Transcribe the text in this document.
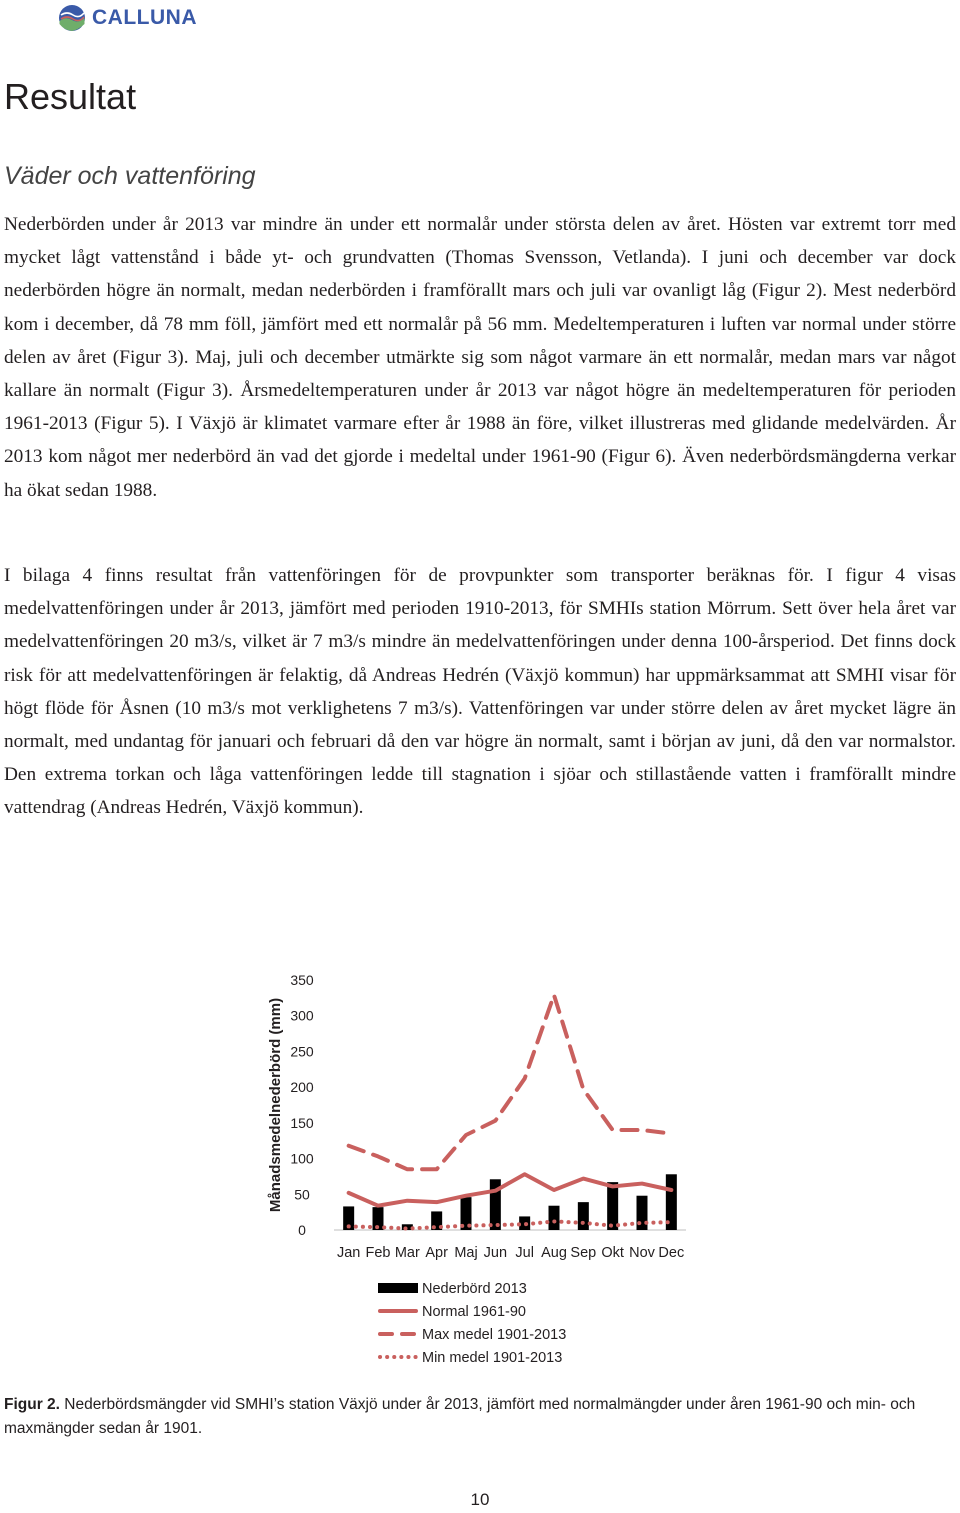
CALLUNA
Resultat
Väder och vattenföring

Nederbörden under år 2013 var mindre än under ett normalår under största delen av året. Hösten var extremt torr med mycket lågt vattenstånd i både yt- och grundvatten (Thomas Svensson, Vetlanda). I juni och december var dock nederbörden högre än normalt, medan nederbörden i framförallt mars och juli var ovanligt låg (Figur 2). Mest nederbörd kom i december, då 78 mm föll, jämfört med ett normalår på 56 mm. Medeltemperaturen i luften var normal under större delen av året (Figur 3). Maj, juli och december utmärkte sig som något varmare än ett normalår, medan mars var något kallare än normalt (Figur 3). Årsmedeltemperaturen under år 2013 var något högre än medeltemperaturen för perioden 1961-2013 (Figur 5). I Växjö är klimatet varmare efter år 1988 än före, vilket illustreras med glidande medelvärden. År 2013 kom något mer nederbörd än vad det gjorde i medeltal under 1961-90 (Figur 6). Även nederbördsmängderna verkar ha ökat sedan 1988.

I bilaga 4 finns resultat från vattenföringen för de provpunkter som transporter beräknas för. I figur 4 visas medelvattenföringen under år 2013, jämfört med perioden 1910-2013, för SMHIs station Mörrum. Sett över hela året var medelvattenföringen 20 m3/s, vilket är 7 m3/s mindre än medelvattenföringen under denna 100-årsperiod. Det finns dock risk för att medelvattenföringen är felaktig, då Andreas Hedrén (Växjö kommun) har uppmärksammat att SMHI visar för högt flöde för Åsnen (10 m3/s mot verklighetens 7 m3/s). Vattenföringen var under större delen av året mycket lägre än normalt, med undantag för januari och februari då den var högre än normalt, samt i början av juni, då den var normalstor. Den extrema torkan och låga vattenföringen ledde till stagnation i sjöar och stillastående vatten i framförallt mindre vattendrag (Andreas Hedrén, Växjö kommun).

Månadsmedelnederbörd (mm)
0
50
100
150
200
250
300
350
Jan Feb Mar Apr Maj Jun Jul Aug Sep Okt Nov Dec
Nederbörd 2013
Normal 1961-90
Max medel 1901-2013
Min medel 1901-2013

Figur 2. Nederbördsmängder vid SMHI’s station Växjö under år 2013, jämfört med normalmängder under åren 1961-90 och min- och maxmängder sedan år 1901.

10
